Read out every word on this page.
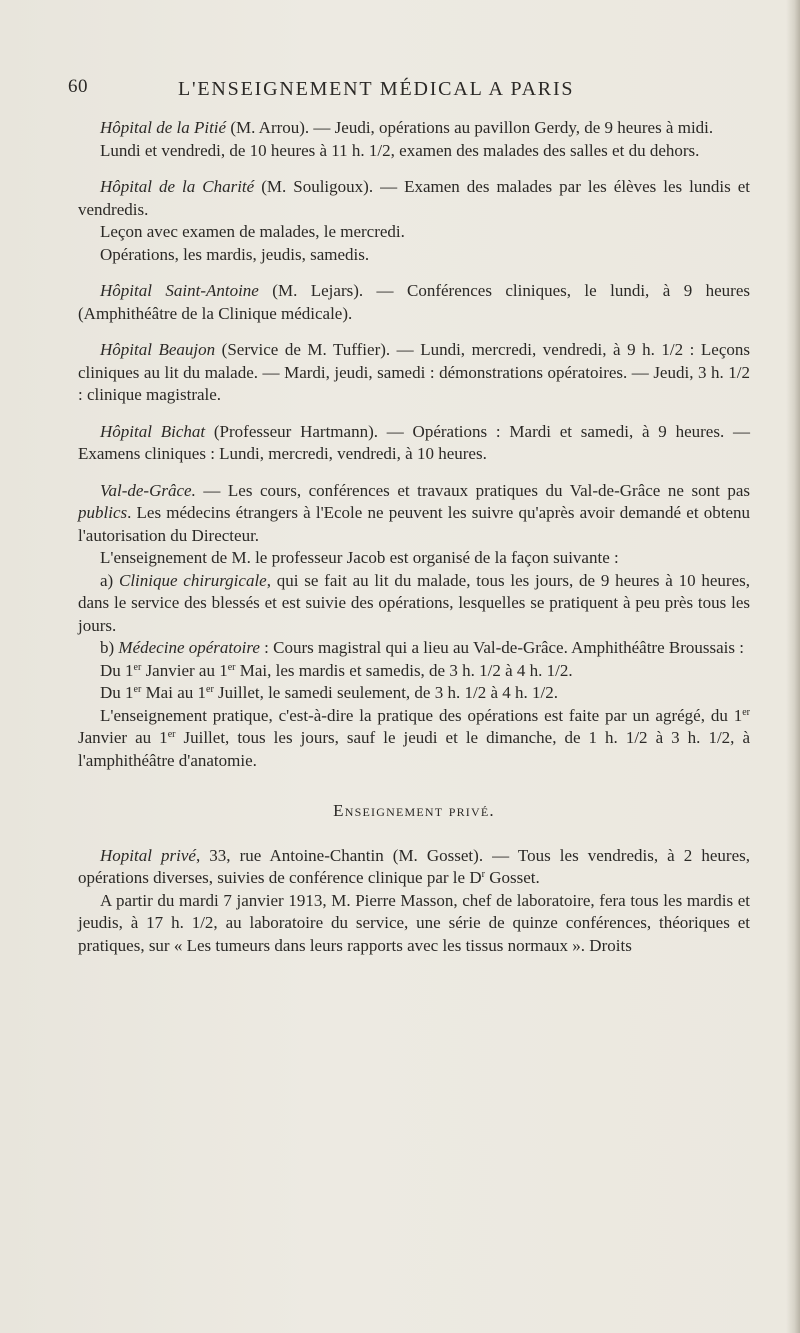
60	L'ENSEIGNEMENT MÉDICAL A PARIS

Hôpital de la Pitié (M. Arrou). — Jeudi, opérations au pavillon Gerdy, de 9 heures à midi.

Lundi et vendredi, de 10 heures à 11 h. 1/2, examen des malades des salles et du dehors.

Hôpital de la Charité (M. Souligoux). — Examen des malades par les élèves les lundis et vendredis.

Leçon avec examen de malades, le mercredi.

Opérations, les mardis, jeudis, samedis.

Hôpital Saint-Antoine (M. Lejars). — Conférences cliniques, le lundi, à 9 heures (Amphithéâtre de la Clinique médicale).

Hôpital Beaujon (Service de M. Tuffier). — Lundi, mercredi, vendredi, à 9 h. 1/2 : Leçons cliniques au lit du malade. — Mardi, jeudi, samedi : démonstrations opératoires. — Jeudi, 3 h. 1/2 : clinique magistrale.

Hôpital Bichat (Professeur Hartmann). — Opérations : Mardi et samedi, à 9 heures. — Examens cliniques : Lundi, mercredi, vendredi, à 10 heures.

Val-de-Grâce. — Les cours, conférences et travaux pratiques du Val-de-Grâce ne sont pas publics. Les médecins étrangers à l'Ecole ne peuvent les suivre qu'après avoir demandé et obtenu l'autorisation du Directeur.

L'enseignement de M. le professeur Jacob est organisé de la façon suivante :

a) Clinique chirurgicale, qui se fait au lit du malade, tous les jours, de 9 heures à 10 heures, dans le service des blessés et est suivie des opérations, lesquelles se pratiquent à peu près tous les jours.

b) Médecine opératoire : Cours magistral qui a lieu au Val-de-Grâce. Amphithéâtre Broussais :

Du 1er Janvier au 1er Mai, les mardis et samedis, de 3 h. 1/2 à 4 h. 1/2.

Du 1er Mai au 1er Juillet, le samedi seulement, de 3 h. 1/2 à 4 h. 1/2.

L'enseignement pratique, c'est-à-dire la pratique des opérations est faite par un agrégé, du 1er Janvier au 1er Juillet, tous les jours, sauf le jeudi et le dimanche, de 1 h. 1/2 à 3 h. 1/2, à l'amphithéâtre d'anatomie.

Enseignement privé.

Hopital privé, 33, rue Antoine-Chantin (M. Gosset). — Tous les vendredis, à 2 heures, opérations diverses, suivies de conférence clinique par le $D^r$ Gosset.

A partir du mardi 7 janvier 1913, M. Pierre Masson, chef de laboratoire, fera tous les mardis et jeudis, à 17 h. 1/2, au laboratoire du service, une série de quinze conférences, théoriques et pratiques, sur « Les tumeurs dans leurs rapports avec les tissus normaux ». Droits
